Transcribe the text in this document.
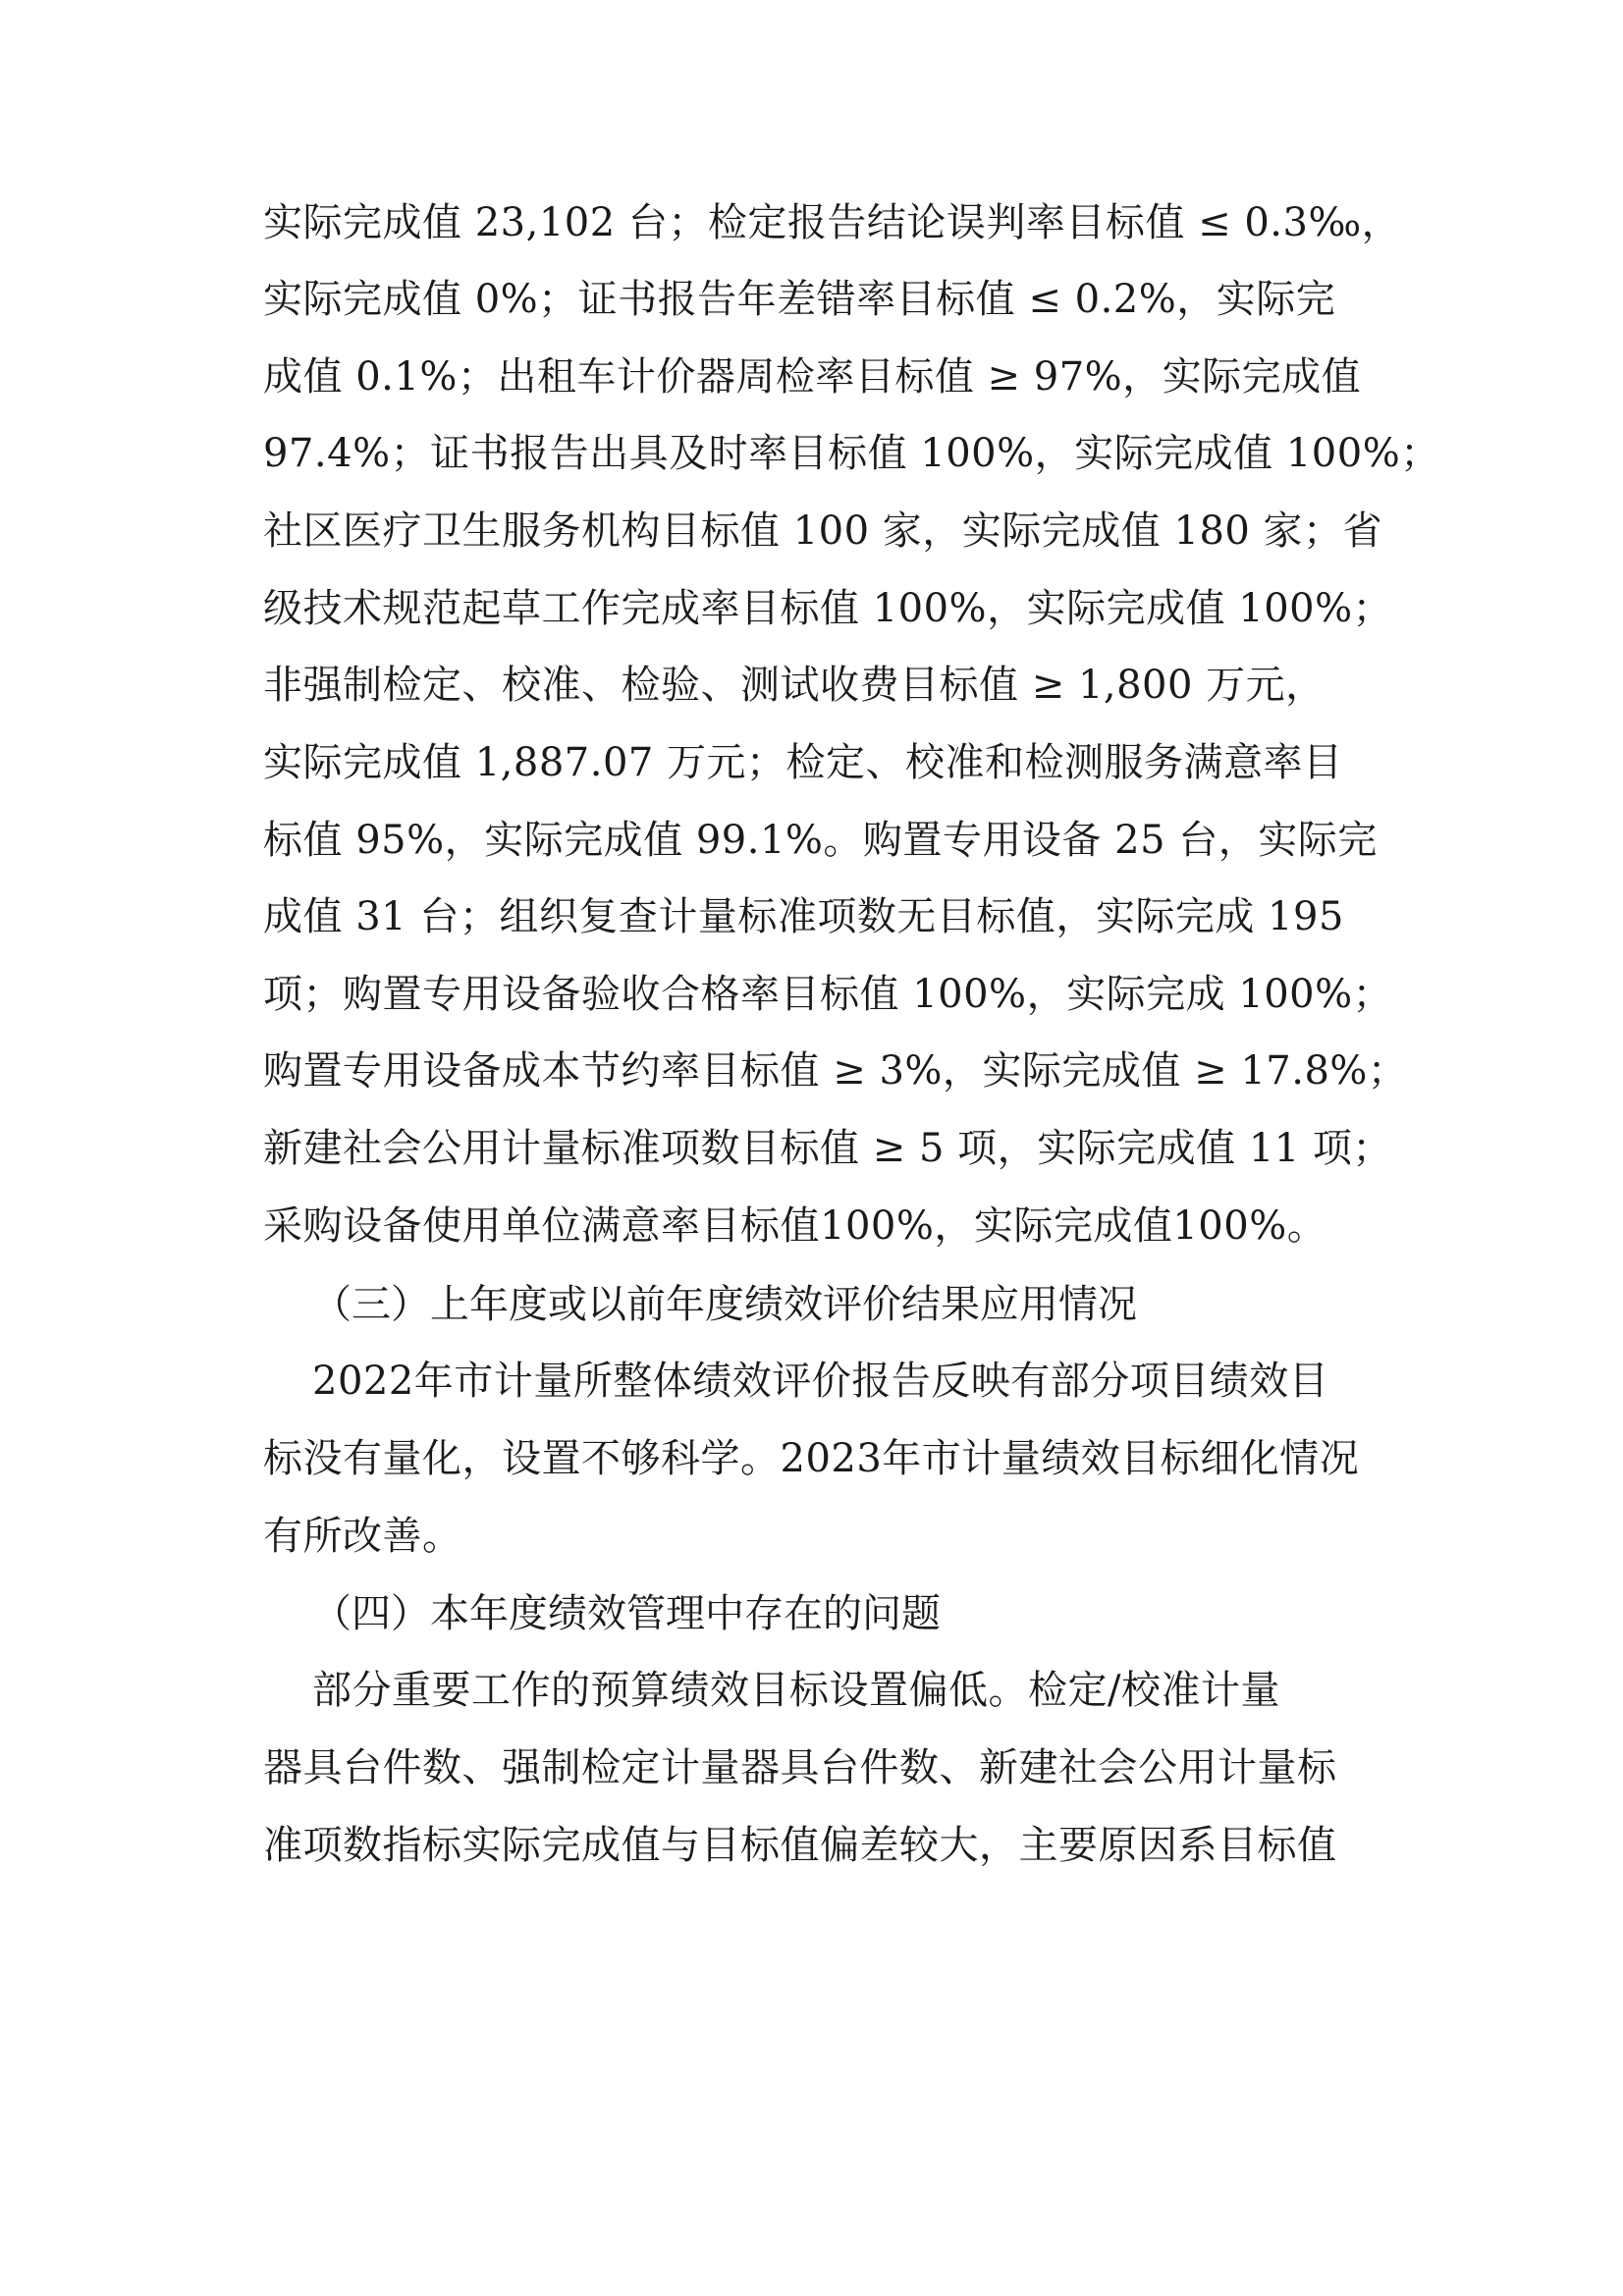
实际完成值 23,102 台；检定报告结论误判率目标值 ≤ 0.3‰，
实际完成值 0%；证书报告年差错率目标值 ≤ 0.2%，实际完
成值 0.1%；出租车计价器周检率目标值 ≥ 97%，实际完成值
97.4%；证书报告出具及时率目标值 100%，实际完成值 100%；
社区医疗卫生服务机构目标值 100 家，实际完成值 180 家；省
级技术规范起草工作完成率目标值 100%，实际完成值 100%；
非强制检定、校准、检验、测试收费目标值 ≥ 1,800 万元，
实际完成值 1,887.07 万元；检定、校准和检测服务满意率目
标值 95%，实际完成值 99.1%。购置专用设备 25 台，实际完
成值 31 台；组织复查计量标准项数无目标值，实际完成 195
项；购置专用设备验收合格率目标值 100%，实际完成 100%；
购置专用设备成本节约率目标值 ≥ 3%，实际完成值 ≥ 17.8%；
新建社会公用计量标准项数目标值 ≥ 5 项，实际完成值 11 项；
采购设备使用单位满意率目标值100%，实际完成值100%。
（三）上年度或以前年度绩效评价结果应用情况
2022年市计量所整体绩效评价报告反映有部分项目绩效目
标没有量化，设置不够科学。2023年市计量绩效目标细化情况
有所改善。
（四）本年度绩效管理中存在的问题
部分重要工作的预算绩效目标设置偏低。检定/校准计量
器具台件数、强制检定计量器具台件数、新建社会公用计量标
准项数指标实际完成值与目标值偏差较大，主要原因系目标值
